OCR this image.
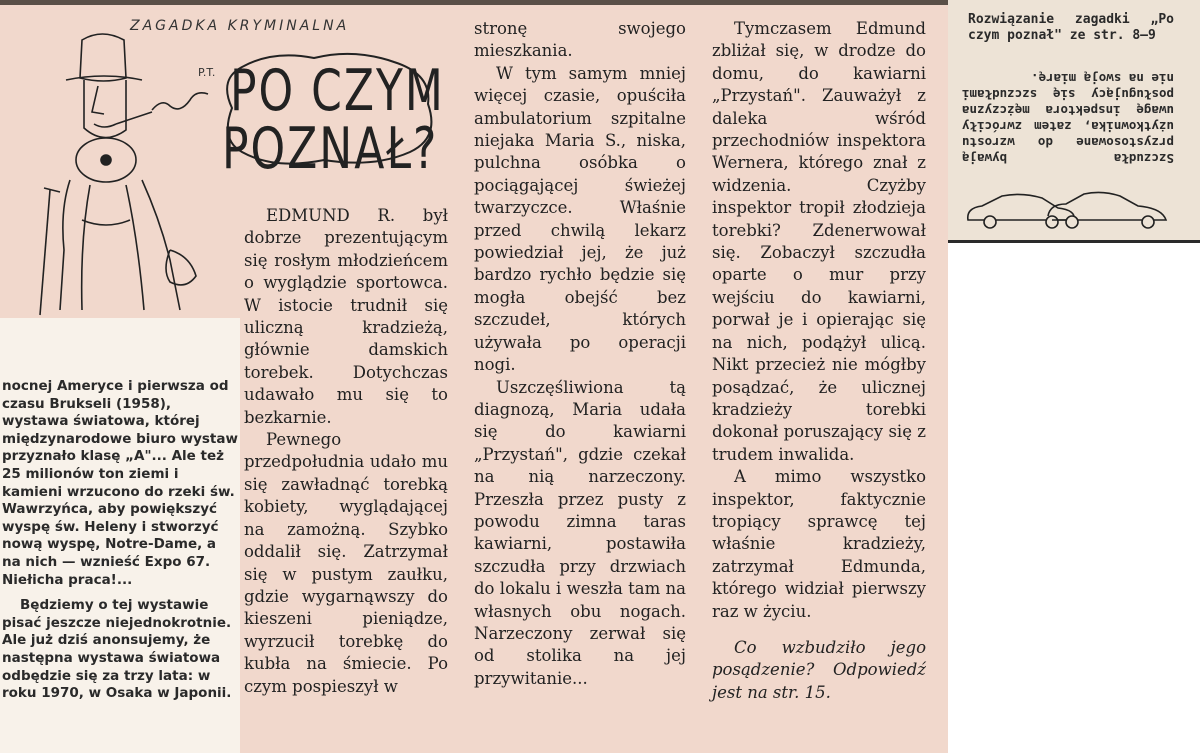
ZAGADKA KRYMINALNA
P.T. PO CZYM
POZNAŁ?

nocnej Ameryce i pierwsza od czasu Brukseli (1958), wystawa światowa, której międzynarodowe biuro wystaw przyznało klasę „A"... Ale też 25 milionów ton ziemi i kamieni wrzucono do rzeki św. Wawrzyńca, aby powiększyć wyspę św. Heleny i stworzyć nową wyspę, Notre-Dame, a na nich — wznieść Expo 67. Niełicha praca!...

Będziemy o tej wystawie pisać jeszcze niejednokrotnie. Ale już dziś anonsujemy, że następna wystawa światowa odbędzie się za trzy lata: w roku 1970, w Osaka w Japonii.

EDMUND R. był dobrze prezentującym się rosłym młodzieńcem o wyglądzie sportowca. W istocie trudnił się uliczną kradzieżą, głównie damskich torebek. Dotychczas udawało mu się to bezkarnie.

Pewnego przedpołudnia udało mu się zawładnąć torebką kobiety, wyglądającej na zamożną. Szybko oddalił się. Zatrzymał się w pustym zaułku, gdzie wygarnąwszy do kieszeni pieniądze, wyrzucił torebkę do kubła na śmiecie. Po czym pospieszył w

stronę swojego mieszkania.

W tym samym mniej więcej czasie, opuściła ambulatorium szpitalne niejaka Maria S., niska, pulchna osóbka o pociągającej świeżej twarzyczce. Właśnie przed chwilą lekarz powiedział jej, że już bardzo rychło będzie się mogła obejść bez szczudeł, których używała po operacji nogi.

Uszczęśliwiona tą diagnozą, Maria udała się do kawiarni „Przystań", gdzie czekał na nią narzeczony. Przeszła przez pusty z powodu zimna taras kawiarni, postawiła szczudła przy drzwiach do lokalu i weszła tam na własnych obu nogach. Narzeczony zerwał się od stolika na jej przywitanie...

Tymczasem Edmund zbliżał się, w drodze do domu, do kawiarni „Przystań". Zauważył z daleka wśród przechodniów inspektora Wernera, którego znał z widzenia. Czyżby inspektor tropił złodzieja torebki? Zdenerwował się. Zobaczył szczudła oparte o mur przy wejściu do kawiarni, porwał je i opierając się na nich, podążył ulicą. Nikt przecież nie mógłby posądzać, że ulicznej kradzieży torebki dokonał poruszający się z trudem inwalida.

A mimo wszystko inspektor, faktycznie tropiący sprawcę tej właśnie kradzieży, zatrzymał Edmunda, którego widział pierwszy raz w życiu.

Co wzbudziło jego posądzenie? Odpowiedź jest na str. 15.

Rozwiązanie zagadki „Po czym poznał" ze str. 8—9

Szczudła bywają przystosowane do wzrostu użytkownika, zatem zwróciły uwagę inspektora mężczyzna posługujący się szczudłami nie na swoją miarę.
